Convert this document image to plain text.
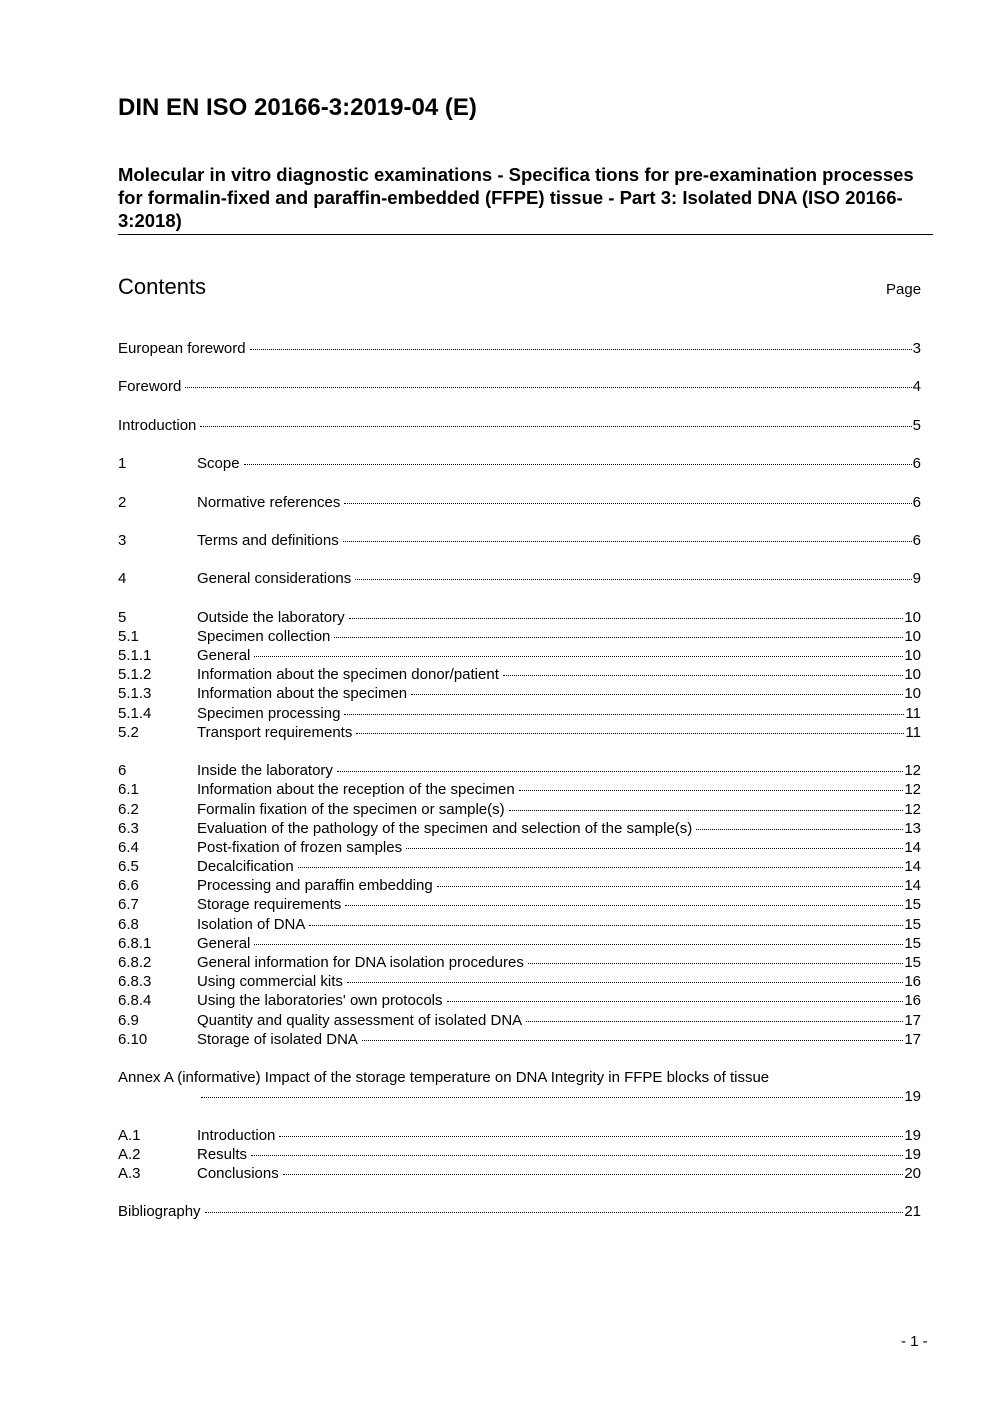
DIN EN ISO 20166-3:2019-04 (E)
Molecular in vitro diagnostic examinations - Specifica tions for pre-examination processes for formalin-fixed and paraffin-embedded (FFPE) tissue - Part 3: Isolated DNA (ISO 20166-3:2018)
Contents	Page
European foreword	3
Foreword	4
Introduction	5
1	Scope	6
2	Normative references	6
3	Terms and definitions	6
4	General considerations	9
5	Outside the laboratory	10
5.1	Specimen collection	10
5.1.1	General	10
5.1.2	Information about the specimen donor/patient	10
5.1.3	Information about the specimen	10
5.1.4	Specimen processing	11
5.2	Transport requirements	11
6	Inside the laboratory	12
6.1	Information about the reception of the specimen	12
6.2	Formalin fixation of the specimen or sample(s)	12
6.3	Evaluation of the pathology of the specimen and selection of the sample(s)	13
6.4	Post-fixation of frozen samples	14
6.5	Decalcification	14
6.6	Processing and paraffin embedding	14
6.7	Storage requirements	15
6.8	Isolation of DNA	15
6.8.1	General	15
6.8.2	General information for DNA isolation procedures	15
6.8.3	Using commercial kits	16
6.8.4	Using the laboratories' own protocols	16
6.9	Quantity and quality assessment of isolated DNA	17
6.10	Storage of isolated DNA	17
Annex A (informative) Impact of the storage temperature on DNA Integrity in FFPE blocks of tissue
19
A.1	Introduction	19
A.2	Results	19
A.3	Conclusions	20
Bibliography	21
- 1 -
